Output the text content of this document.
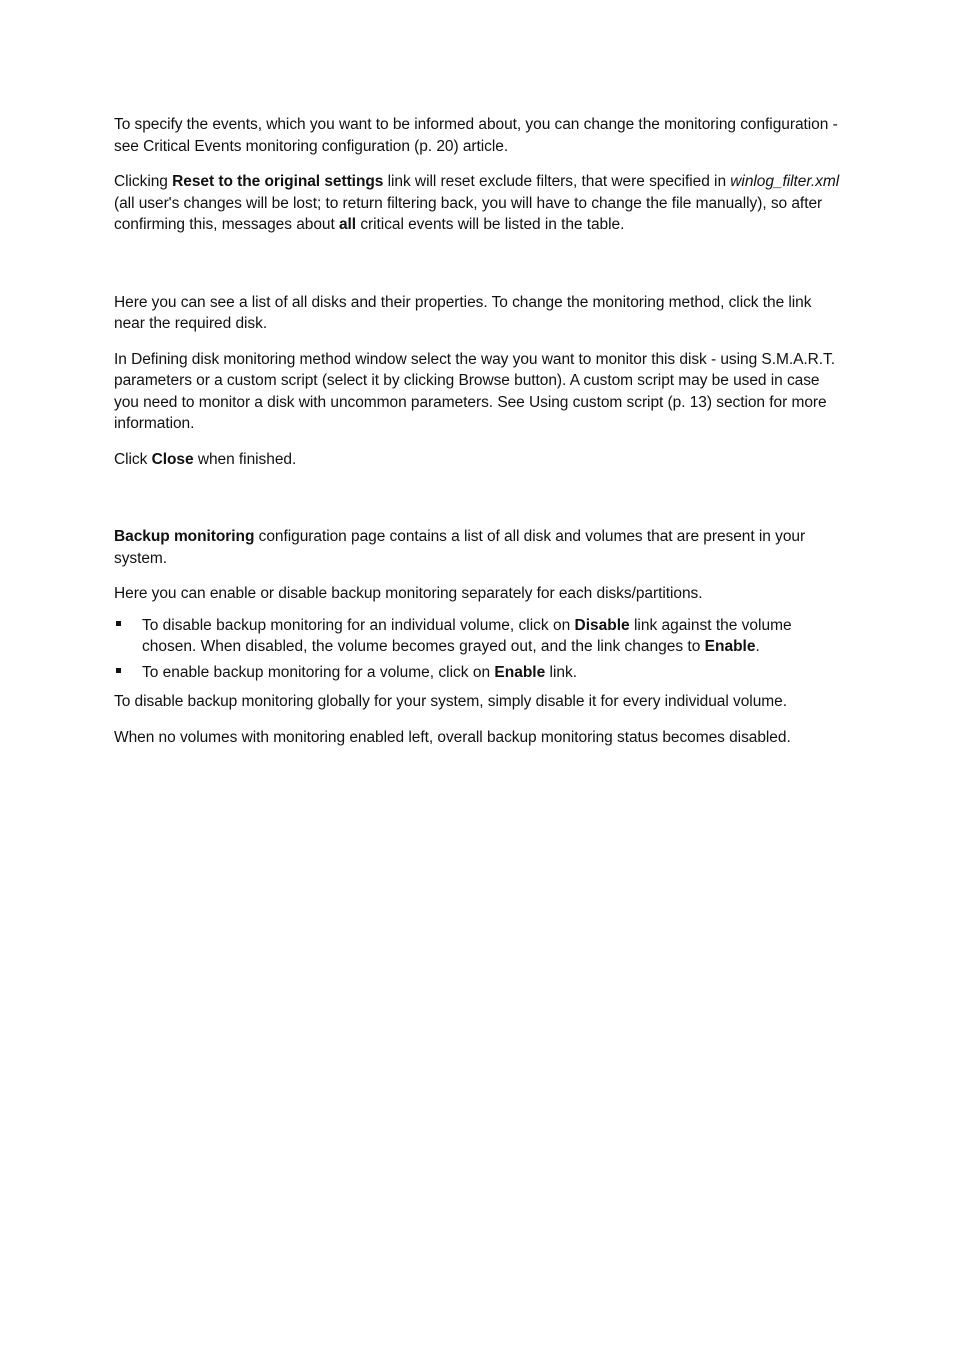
To specify the events, which you want to be informed about, you can change the monitoring configuration - see Critical Events monitoring configuration (p. 20) article.

Clicking Reset to the original settings link will reset exclude filters, that were specified in winlog_filter.xml (all user's changes will be lost; to return filtering back, you will have to change the file manually), so after confirming this, messages about all critical events will be listed in the table.

Here you can see a list of all disks and their properties. To change the monitoring method, click the link near the required disk.

In Defining disk monitoring method window select the way you want to monitor this disk - using S.M.A.R.T. parameters or a custom script (select it by clicking Browse button). A custom script may be used in case you need to monitor a disk with uncommon parameters. See Using custom script (p. 13) section for more information.

Click Close when finished.

Backup monitoring configuration page contains a list of all disk and volumes that are present in your system.

Here you can enable or disable backup monitoring separately for each disks/partitions.

To disable backup monitoring for an individual volume, click on Disable link against the volume chosen. When disabled, the volume becomes grayed out, and the link changes to Enable.
To enable backup monitoring for a volume, click on Enable link.

To disable backup monitoring globally for your system, simply disable it for every individual volume.

When no volumes with monitoring enabled left, overall backup monitoring status becomes disabled.
